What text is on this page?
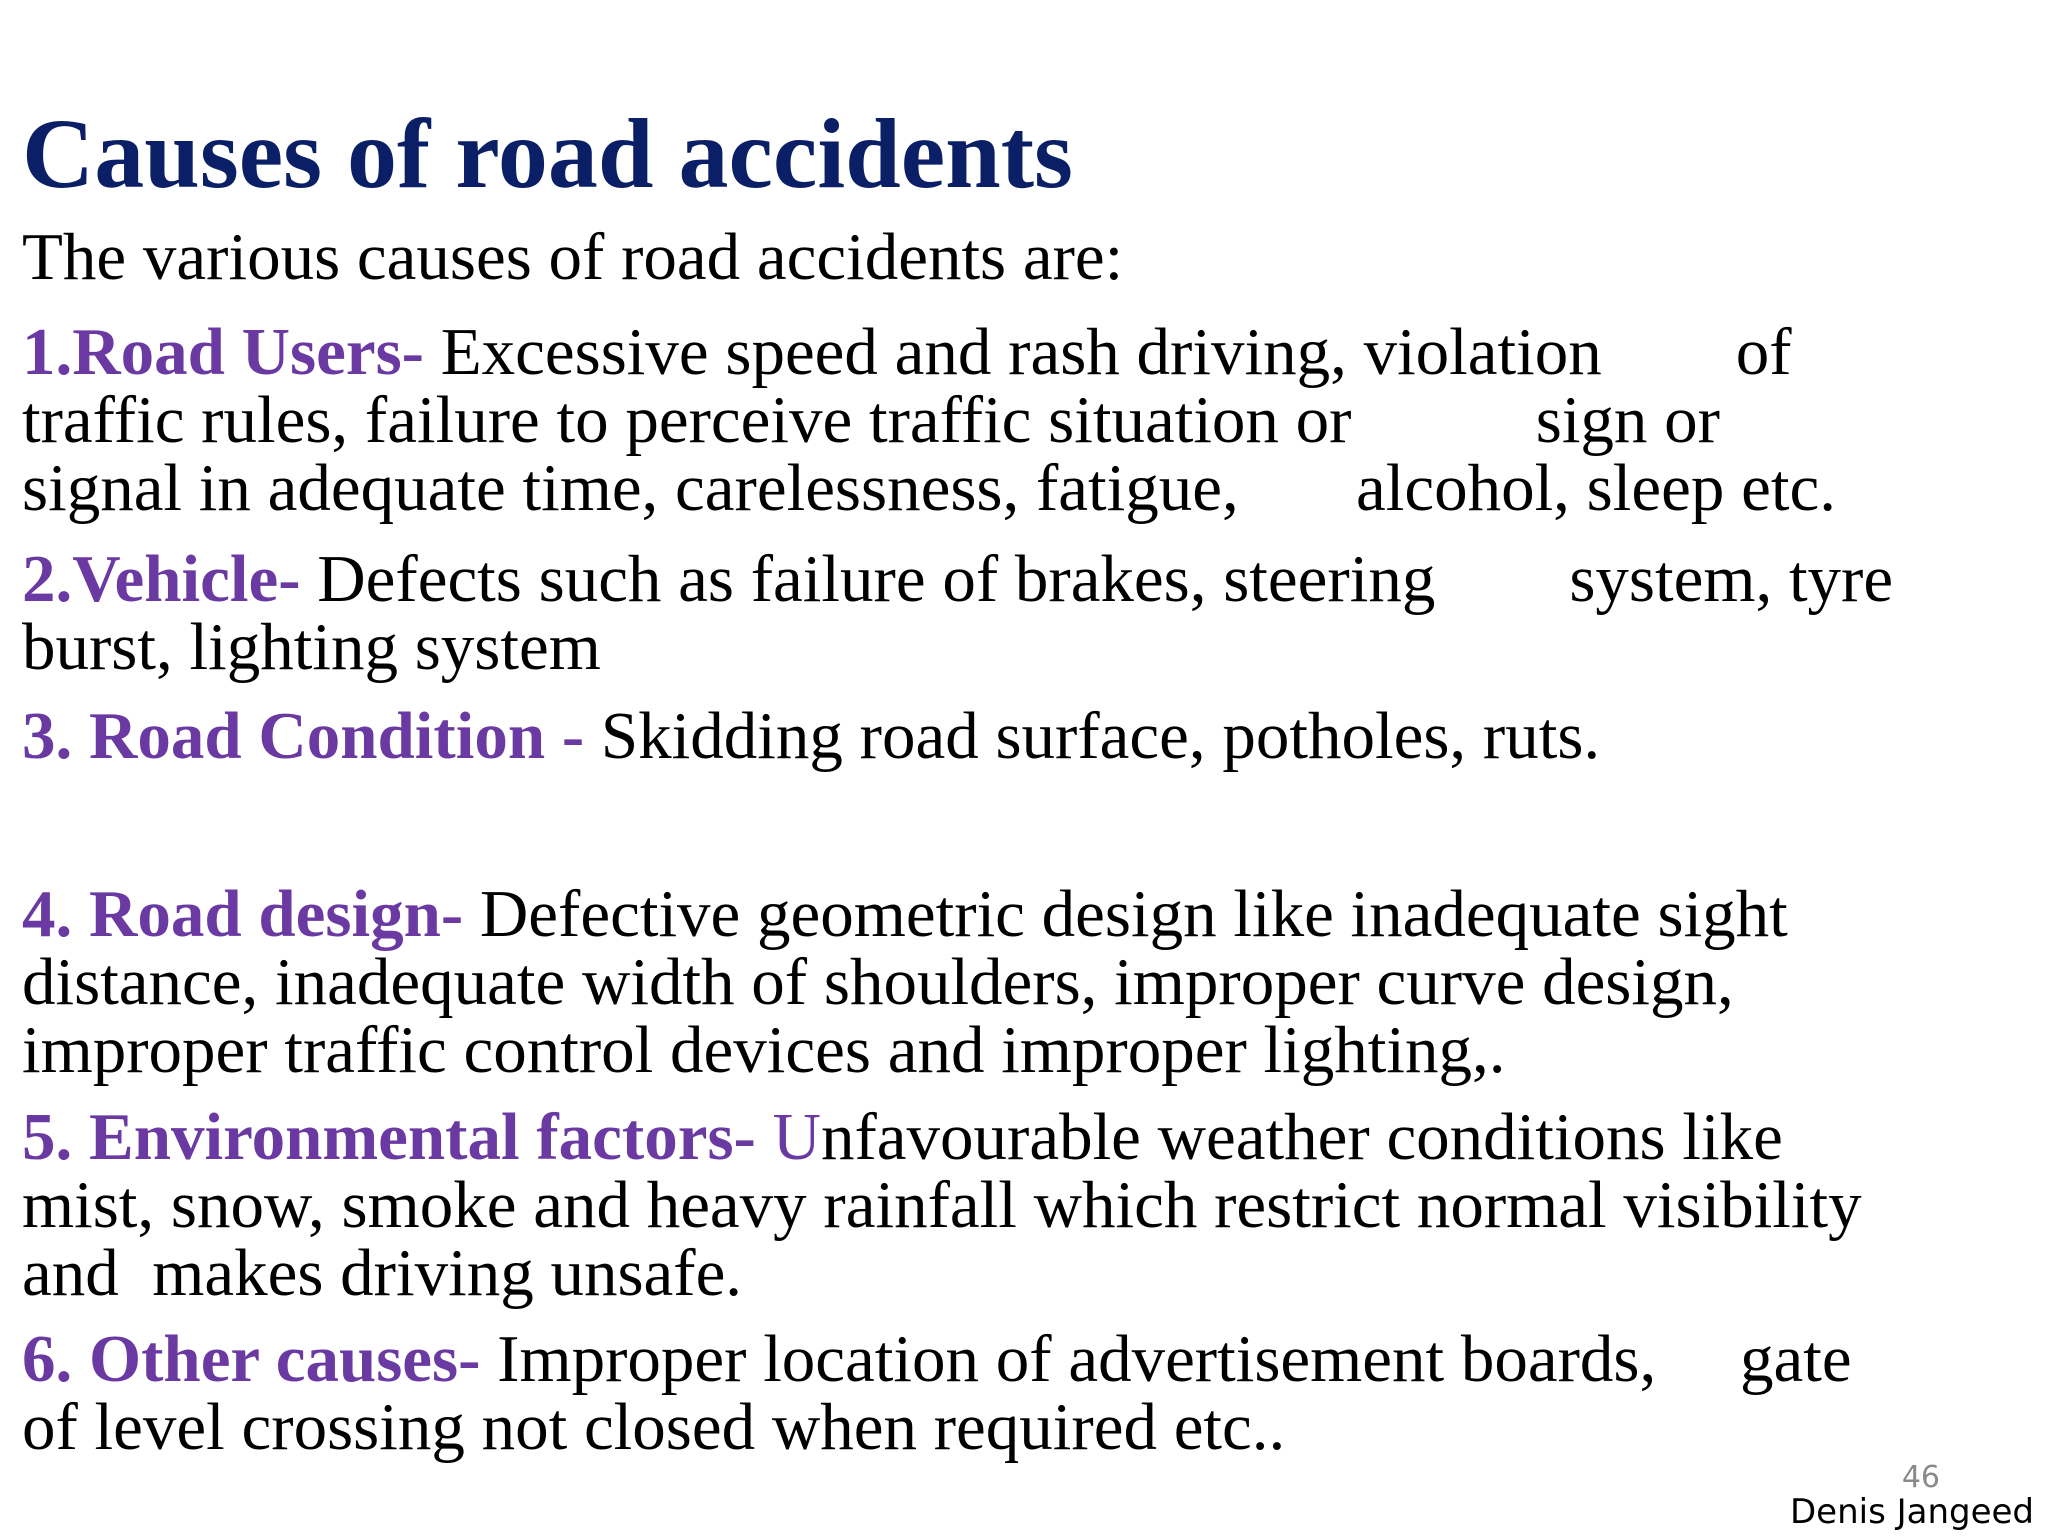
Causes of road accidents

The various causes of road accidents are:

1.Road Users- Excessive speed and rash driving, violation        of
traffic rules, failure to perceive traffic situation or           sign or
signal in adequate time, carelessness, fatigue,       alcohol, sleep etc.
2.Vehicle- Defects such as failure of brakes, steering        system, tyre
burst, lighting system
3. Road Condition - Skidding road surface, potholes, ruts.
4. Road design- Defective geometric design like inadequate sight
distance, inadequate width of shoulders, improper curve design,
improper traffic control devices and improper lighting,.
5. Environmental factors- Unfavourable weather conditions like
mist, snow, smoke and heavy rainfall which restrict normal visibility
and  makes driving unsafe.
6. Other causes- Improper location of advertisement boards,     gate
of level crossing not closed when required etc..
46
Denis Jangeed
